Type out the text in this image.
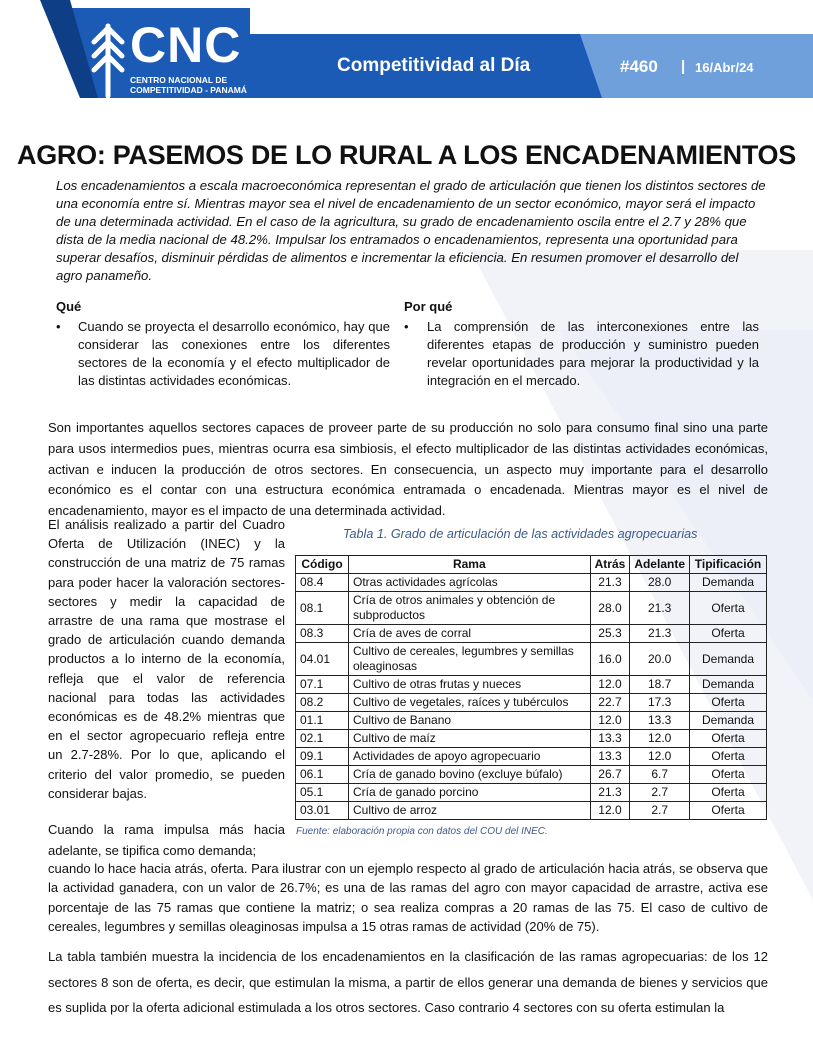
CNC
CENTRO NACIONAL DE
COMPETITIVIDAD - PANAMÁ
Competitividad al Día	#460 | 16/Abr/24
AGRO: PASEMOS DE LO RURAL A LOS ENCADENAMIENTOS
Los encadenamientos a escala macroeconómica representan el grado de articulación que tienen los distintos sectores de una economía entre sí. Mientras mayor sea el nivel de encadenamiento de un sector económico, mayor será el impacto de una determinada actividad. En el caso de la agricultura, su grado de encadenamiento oscila entre el 2.7 y 28% que dista de la media nacional de 48.2%. Impulsar los entramados o encadenamientos, representa una oportunidad para superar desafíos, disminuir pérdidas de alimentos e incrementar la eficiencia. En resumen promover el desarrollo del agro panameño.
Qué
• Cuando se proyecta el desarrollo económico, hay que considerar las conexiones entre los diferentes sectores de la economía y el efecto multiplicador de las distintas actividades económicas.
Por qué
• La comprensión de las interconexiones entre las diferentes etapas de producción y suministro pueden revelar oportunidades para mejorar la productividad y la integración en el mercado.
Son importantes aquellos sectores capaces de proveer parte de su producción no solo para consumo final sino una parte para usos intermedios pues, mientras ocurra esa simbiosis, el efecto multiplicador de las distintas actividades económicas, activan e inducen la producción de otros sectores. En consecuencia, un aspecto muy importante para el desarrollo económico es el contar con una estructura económica entramada o encadenada. Mientras mayor es el nivel de encadenamiento, mayor es el impacto de una determinada actividad.
El análisis realizado a partir del Cuadro Oferta de Utilización (INEC) y la construcción de una matriz de 75 ramas para poder hacer la valoración sectores-sectores y medir la capacidad de arrastre de una rama que mostrase el grado de articulación cuando demanda productos a lo interno de la economía, refleja que el valor de referencia nacional para todas las actividades económicas es de 48.2% mientras que en el sector agropecuario refleja entre un 2.7-28%. Por lo que, aplicando el criterio del valor promedio, se pueden considerar bajas.
Tabla 1. Grado de articulación de las actividades agropecuarias
Código	Rama	Atrás	Adelante	Tipificación
08.4	Otras actividades agrícolas	21.3	28.0	Demanda
08.1	Cría de otros animales y obtención de subproductos	28.0	21.3	Oferta
08.3	Cría de aves de corral	25.3	21.3	Oferta
04.01	Cultivo de cereales, legumbres y semillas oleaginosas	16.0	20.0	Demanda
07.1	Cultivo de otras frutas y nueces	12.0	18.7	Demanda
08.2	Cultivo de vegetales, raíces y tubérculos	22.7	17.3	Oferta
01.1	Cultivo de Banano	12.0	13.3	Demanda
02.1	Cultivo de maíz	13.3	12.0	Oferta
09.1	Actividades de apoyo agropecuario	13.3	12.0	Oferta
06.1	Cría de ganado bovino (excluye búfalo)	26.7	6.7	Oferta
05.1	Cría de ganado porcino	21.3	2.7	Oferta
03.01	Cultivo de arroz	12.0	2.7	Oferta
Fuente: elaboración propia con datos del COU del INEC.
Cuando la rama impulsa más hacia adelante, se tipifica como demanda;
cuando lo hace hacia atrás, oferta. Para ilustrar con un ejemplo respecto al grado de articulación hacia atrás, se observa que la actividad ganadera, con un valor de 26.7%; es una de las ramas del agro con mayor capacidad de arrastre, activa ese porcentaje de las 75 ramas que contiene la matriz; o sea realiza compras a 20 ramas de las 75. El caso de cultivo de cereales, legumbres y semillas oleaginosas impulsa a 15 otras ramas de actividad (20% de 75).
La tabla también muestra la incidencia de los encadenamientos en la clasificación de las ramas agropecuarias: de los 12 sectores 8 son de oferta, es decir, que estimulan la misma, a partir de ellos generar una demanda de bienes y servicios que es suplida por la oferta adicional estimulada a los otros sectores. Caso contrario 4 sectores con su oferta estimulan la
